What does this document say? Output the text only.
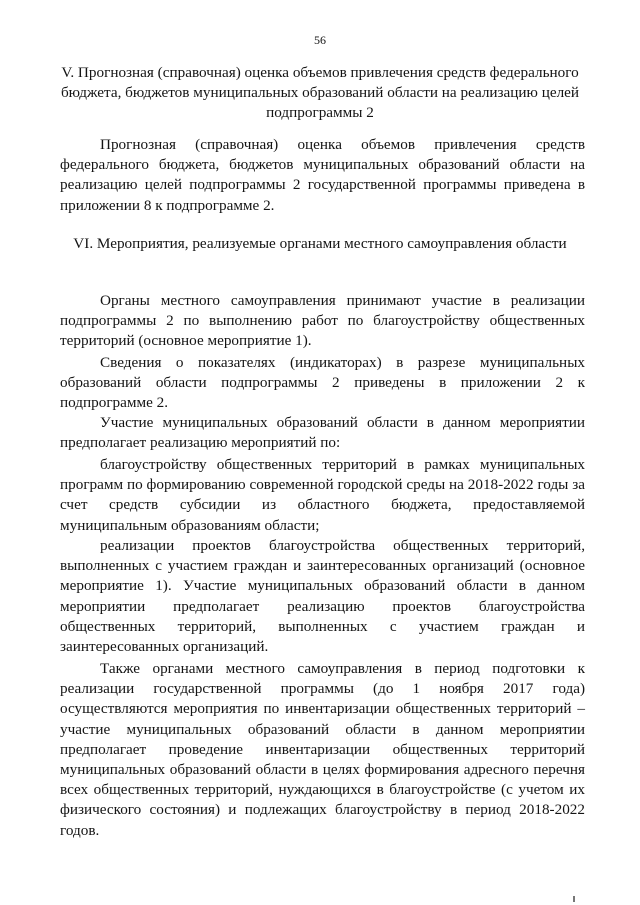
56
V. Прогнозная (справочная) оценка объемов привлечения средств федерального бюджета, бюджетов муниципальных образований области на реализацию целей подпрограммы 2
Прогнозная (справочная) оценка объемов привлечения средств федерального бюджета, бюджетов муниципальных образований области на реализацию целей подпрограммы 2 государственной программы приведена в приложении 8 к подпрограмме 2.
VI. Мероприятия, реализуемые органами местного самоуправления области
Органы местного самоуправления принимают участие в реализации подпрограммы 2 по выполнению работ по благоустройству общественных территорий (основное мероприятие 1).
Сведения о показателях (индикаторах) в разрезе муниципальных образований области подпрограммы 2 приведены в приложении 2 к подпрограмме 2.
Участие муниципальных образований области в данном мероприятии предполагает реализацию мероприятий по:
благоустройству общественных территорий в рамках муниципальных программ по формированию современной городской среды на 2018-2022 годы за счет средств субсидии из областного бюджета, предоставляемой муниципальным образованиям области;
реализации проектов благоустройства общественных территорий, выполненных с участием граждан и заинтересованных организаций (основное мероприятие 1). Участие муниципальных образований области в данном мероприятии предполагает реализацию проектов благоустройства общественных территорий, выполненных с участием граждан и заинтересованных организаций.
Также органами местного самоуправления в период подготовки к реализации государственной программы (до 1 ноября 2017 года) осуществляются мероприятия по инвентаризации общественных территорий – участие муниципальных образований области в данном мероприятии предполагает проведение инвентаризации общественных территорий муниципальных образований области в целях формирования адресного перечня всех общественных территорий, нуждающихся в благоустройстве (с учетом их физического состояния) и подлежащих благоустройству в период 2018-2022 годов.
